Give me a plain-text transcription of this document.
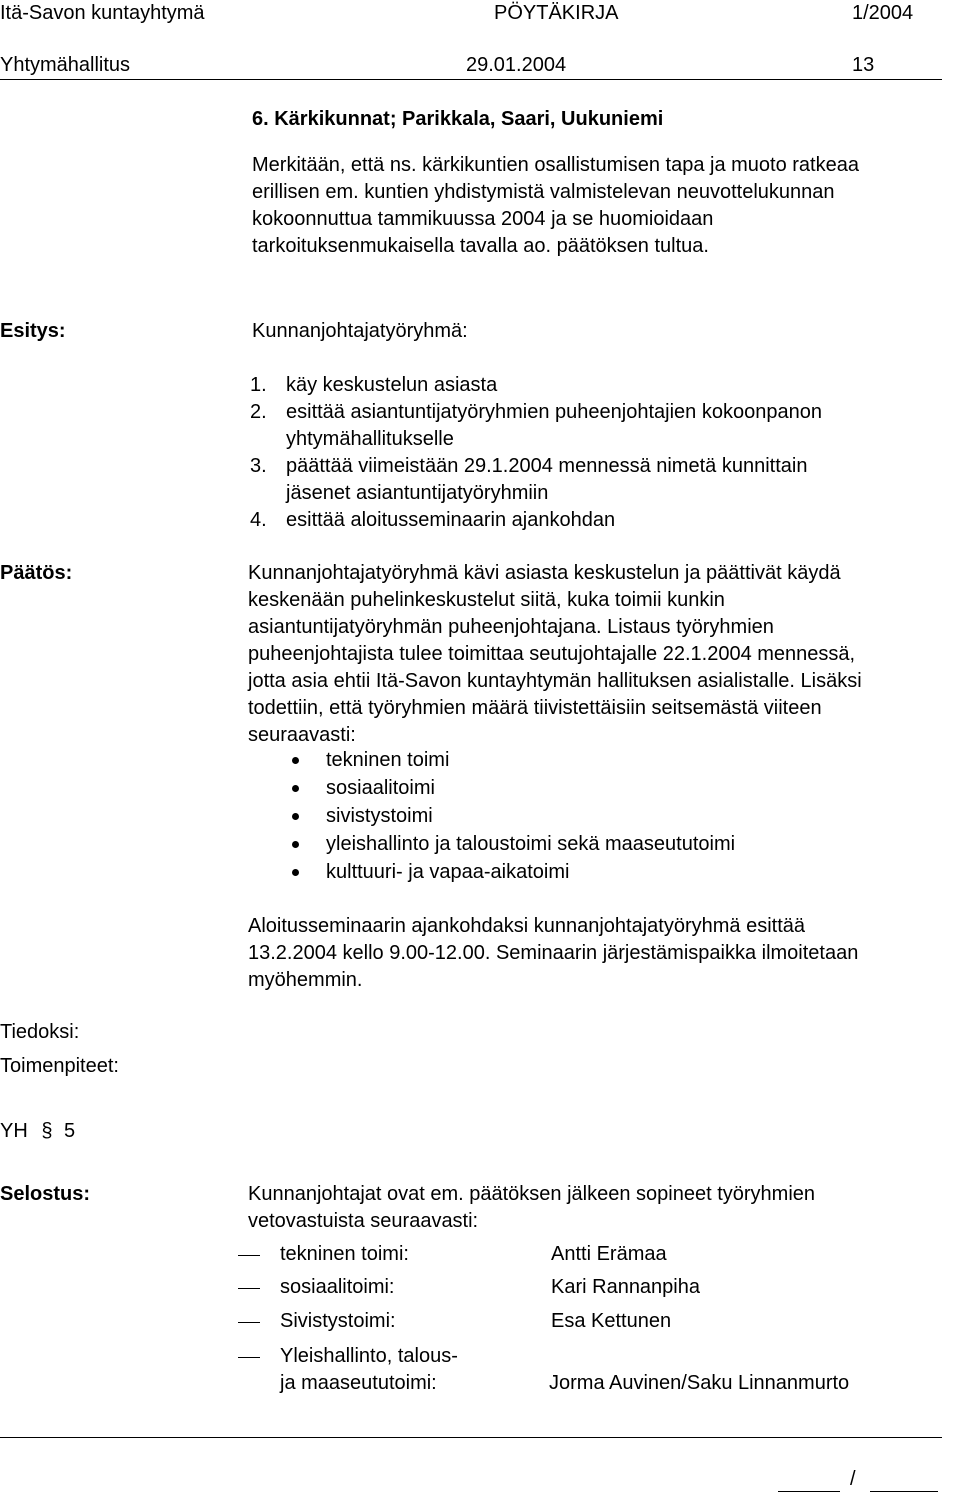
Itä-Savon kuntayhtymä	PÖYTÄKIRJA	1/2004
Yhtymähallitus	29.01.2004	13
6. Kärkikunnat; Parikkala, Saari, Uukuniemi
Merkitään, että ns. kärkikuntien osallistumisen tapa ja muoto ratkeaa
erillisen em. kuntien yhdistymistä valmistelevan neuvottelukunnan
kokoonnuttua tammikuussa 2004 ja se huomioidaan
tarkoituksenmukaisella tavalla ao. päätöksen tultua.
Esitys:	Kunnanjohtajatyöryhmä:
1. käy keskustelun asiasta
2. esittää asiantuntijatyöryhmien puheenjohtajien kokoonpanon
yhtymähallitukselle
3. päättää viimeistään 29.1.2004 mennessä nimetä kunnittain
jäsenet asiantuntijatyöryhmiin
4. esittää aloitusseminaarin ajankohdan
Päätös:	Kunnanjohtajatyöryhmä kävi asiasta keskustelun ja päättivät käydä
keskenään puhelinkeskustelut siitä, kuka toimii kunkin
asiantuntijatyöryhmän puheenjohtajana. Listaus työryhmien
puheenjohtajista tulee toimittaa seutujohtajalle 22.1.2004 mennessä,
jotta asia ehtii Itä-Savon kuntayhtymän hallituksen asialistalle. Lisäksi
todettiin, että työryhmien määrä tiivistettäisiin seitsemästä viiteen
seuraavasti:
tekninen toimi
sosiaalitoimi
sivistystoimi
yleishallinto ja taloustoimi sekä maaseututoimi
kulttuuri- ja vapaa-aikatoimi
Aloitusseminaarin ajankohdaksi kunnanjohtajatyöryhmä esittää
13.2.2004 kello 9.00-12.00. Seminaarin järjestämispaikka ilmoitetaan
myöhemmin.
Tiedoksi:
Toimenpiteet:
YH § 5
Selostus:	Kunnanjohtajat ovat em. päätöksen jälkeen sopineet työryhmien
vetovastuista seuraavasti:
tekninen toimi:	Antti Erämaa
sosiaalitoimi:	Kari Rannanpiha
Sivistystoimi:	Esa Kettunen
Yleishallinto, talous-
ja maaseututoimi:	Jorma Auvinen/Saku Linnanmurto
/
